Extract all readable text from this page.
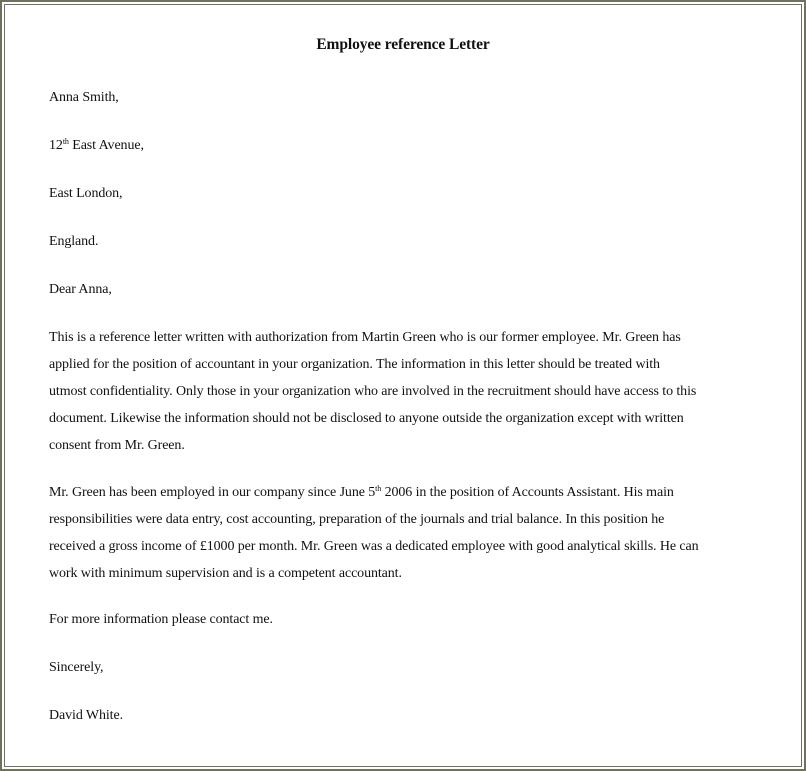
Employee reference Letter
Anna Smith,
12th East Avenue,
East London,
England.
Dear Anna,
This is a reference letter written with authorization from Martin Green who is our former employee. Mr. Green has
applied for the position of accountant in your organization. The information in this letter should be treated with
utmost confidentiality. Only those in your organization who are involved in the recruitment should have access to this
document. Likewise the information should not be disclosed to anyone outside the organization except with written
consent from Mr. Green.
Mr. Green has been employed in our company since June 5th 2006 in the position of Accounts Assistant. His main
responsibilities were data entry, cost accounting, preparation of the journals and trial balance. In this position he
received a gross income of £1000 per month. Mr. Green was a dedicated employee with good analytical skills. He can
work with minimum supervision and is a competent accountant.
For more information please contact me.
Sincerely,
David White.
